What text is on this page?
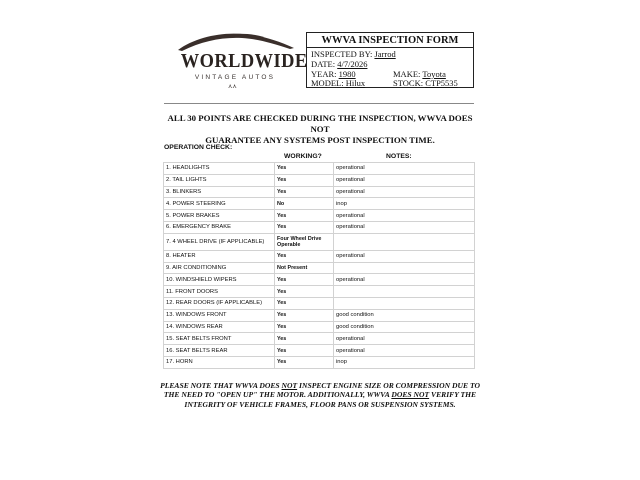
WORLDWIDE
VINTAGE AUTOS
⋏⋏
WWVA INSPECTION FORM
INSPECTED BY: Jarrod
DATE: 4/7/2026
YEAR: 1980	MAKE: Toyota
MODEL: Hilux	STOCK: CTP5535
ALL 30 POINTS ARE CHECKED DURING THE INSPECTION, WWVA DOES NOT
GUARANTEE ANY SYSTEMS POST INSPECTION TIME.
OPERATION CHECK:
WORKING?	NOTES:
1. HEADLIGHTS	Yes	operational
2. TAIL LIGHTS	Yes	operational
3. BLINKERS	Yes	operational
4. POWER STEERING	No	inop
5. POWER BRAKES	Yes	operational
6. EMERGENCY BRAKE	Yes	operational
7. 4 WHEEL DRIVE (IF APPLICABLE)	Four Wheel Drive Operable	
8. HEATER	Yes	operational
9. AIR CONDITIONING	Not Present	
10. WINDSHIELD WIPERS	Yes	operational
11. FRONT DOORS	Yes	
12. REAR DOORS (IF APPLICABLE)	Yes	
13. WINDOWS FRONT	Yes	good condition
14. WINDOWS REAR	Yes	good condition
15. SEAT BELTS FRONT	Yes	operational
16. SEAT BELTS REAR	Yes	operational
17. HORN	Yes	inop
PLEASE NOTE THAT WWVA DOES NOT INSPECT ENGINE SIZE OR COMPRESSION DUE TO THE NEED TO "OPEN UP" THE MOTOR. ADDITIONALLY, WWVA DOES NOT VERIFY THE INTEGRITY OF VEHICLE FRAMES, FLOOR PANS OR SUSPENSION SYSTEMS.
